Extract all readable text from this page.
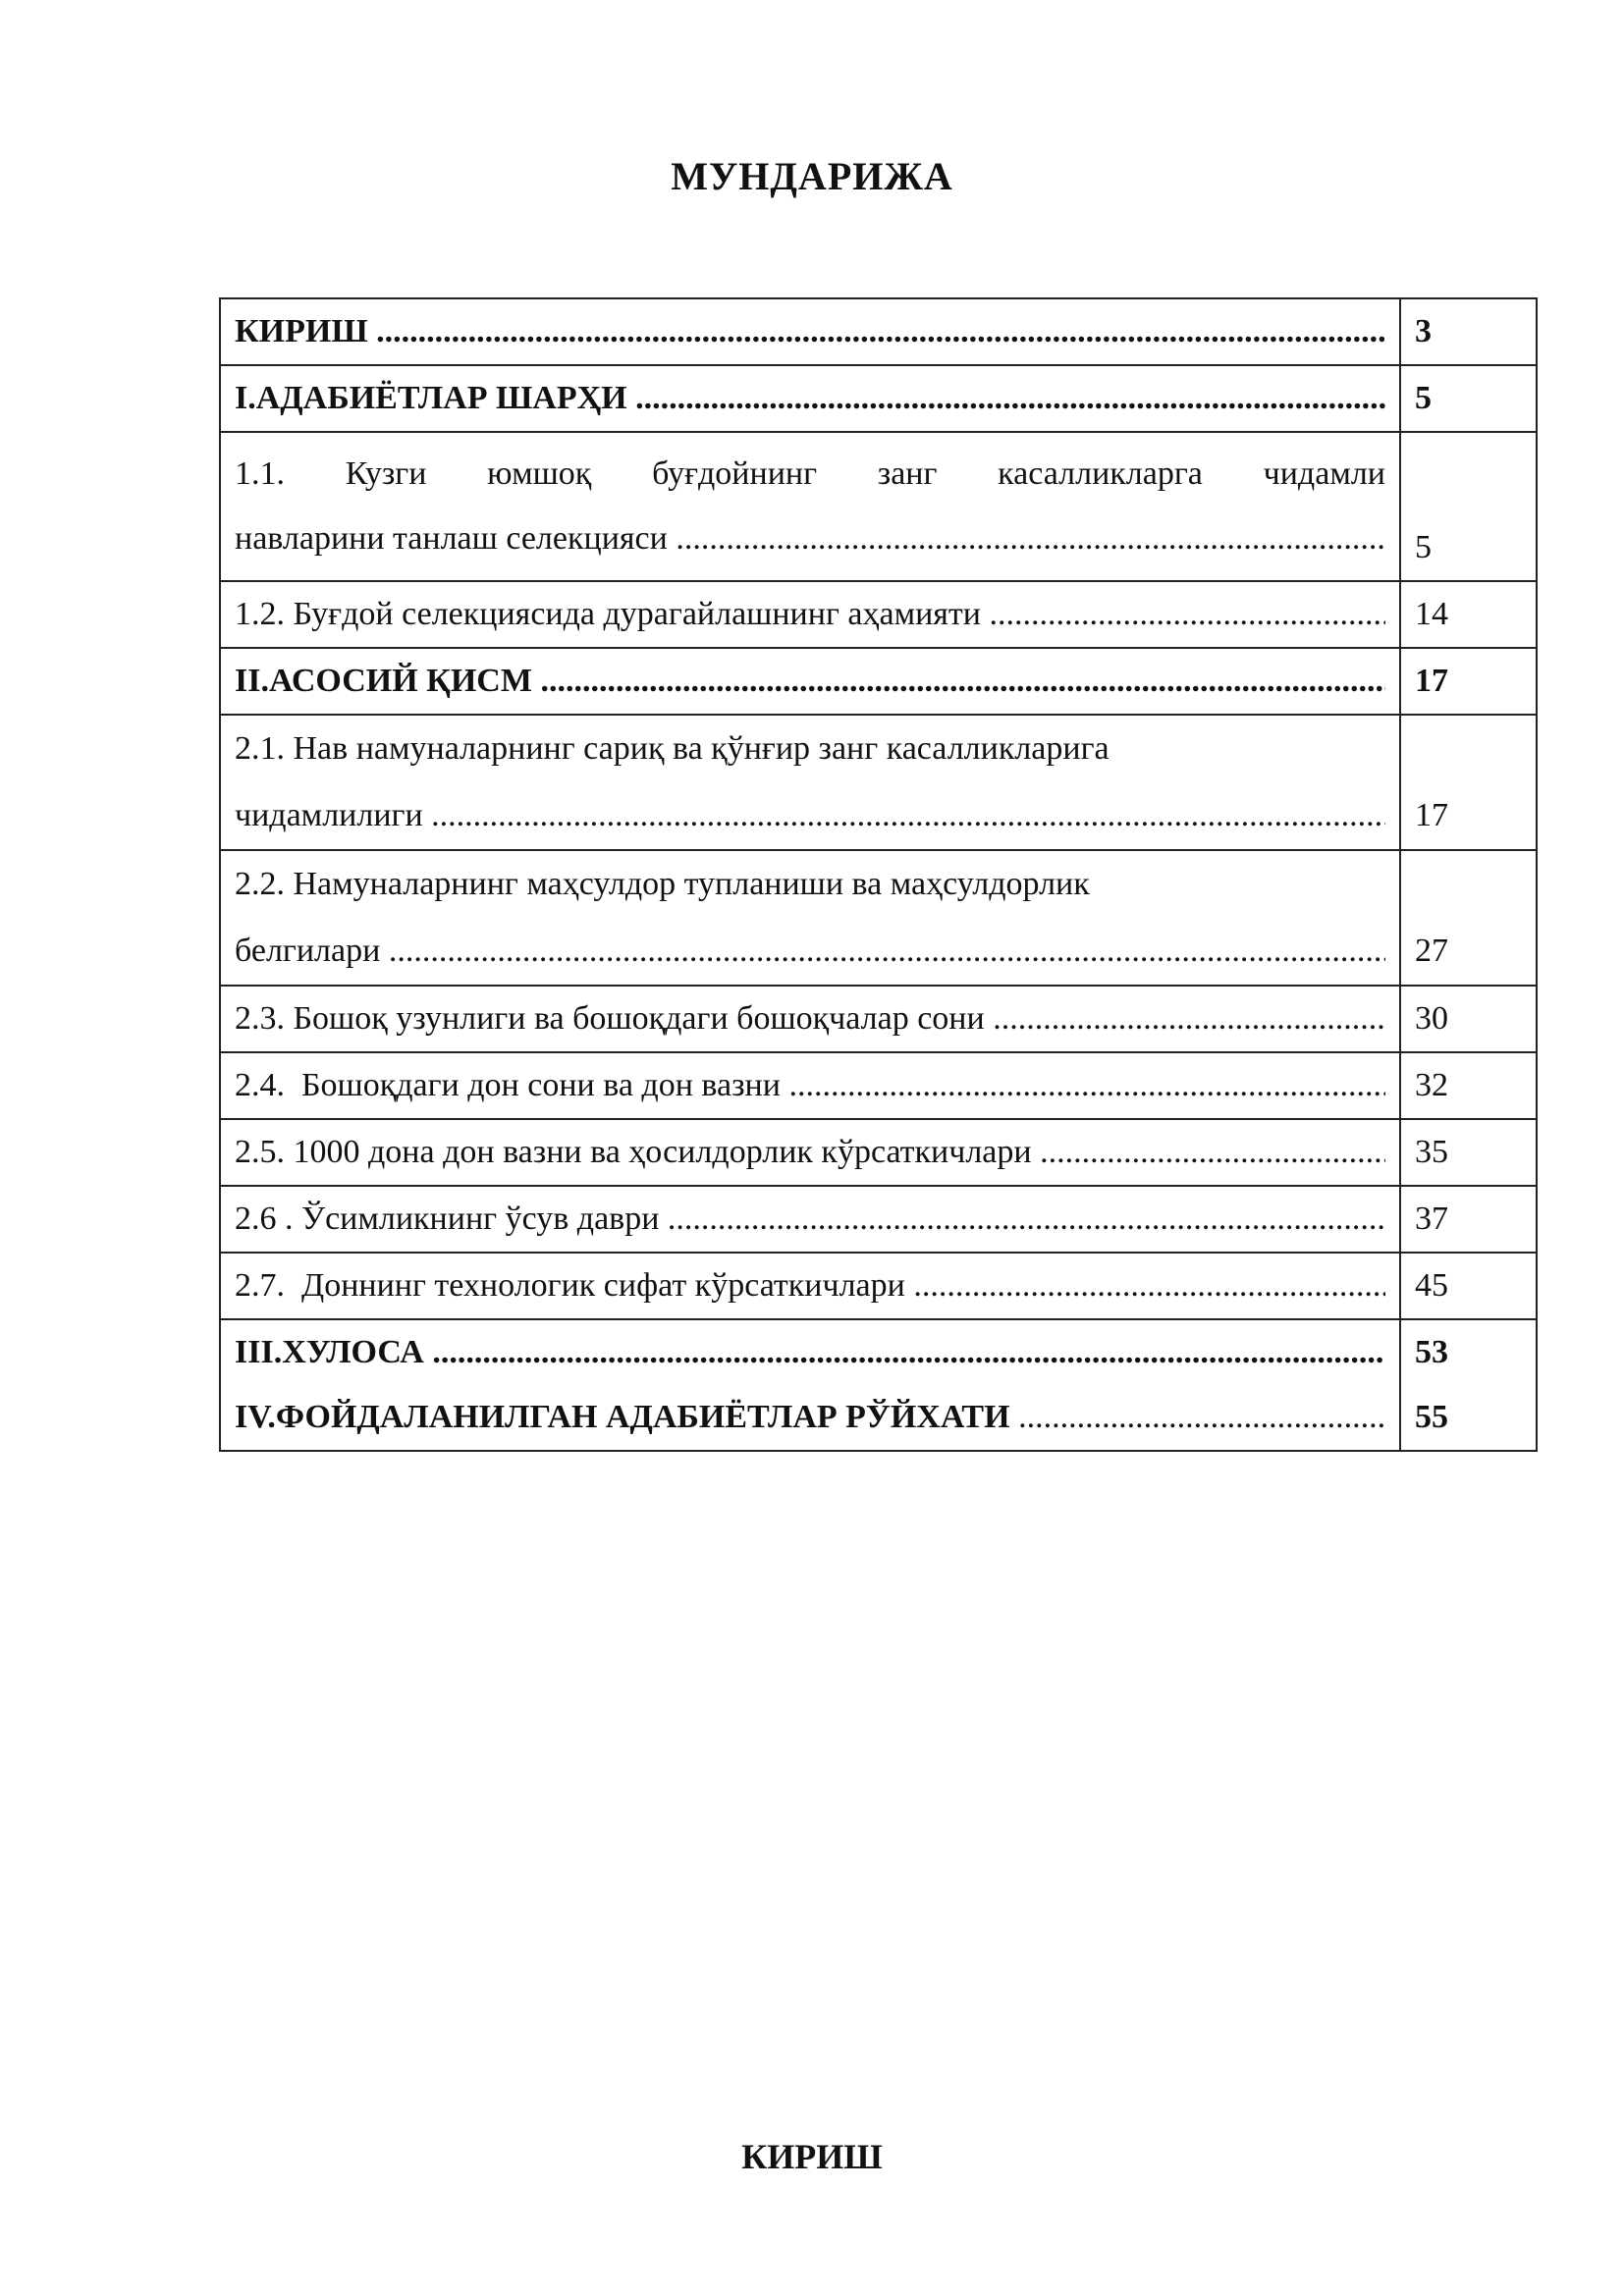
МУНДАРИЖА
КИРИШ .....	3

I.АДАБИЁТЛАР ШАРҲИ .....	5

1.1. Кузги юмшоқ буғдойнинг занг касалликларга чидамли
навларини танлаш селекцияси .....	5

1.2. Буғдой селекциясида дурагайлашнинг аҳамияти .....	14

II.АСОСИЙ ҚИСМ .....	17

2.1. Нав намуналарнинг сариқ ва қўнғир занг касалликларига
чидамлилиги .....	17

2.2. Намуналарнинг маҳсулдор тупланиши ва маҳсулдорлик
белгилари .....	27

2.3. Бошоқ узунлиги ва бошоқдаги бошоқчалар сони .....	30

2.4.  Бошоқдаги дон сони ва дон вазни .....	32

2.5. 1000 дона дон вазни ва ҳосилдорлик кўрсаткичлари .....	35

2.6 . Ўсимликнинг ўсув даври .....	37

2.7.  Доннинг технологик сифат кўрсаткичлари .....	45

III.ХУЛОСА .....	53

IV.ФОЙДАЛАНИЛГАН АДАБИЁТЛАР РЎЙХАТИ .....	55
КИРИШ
